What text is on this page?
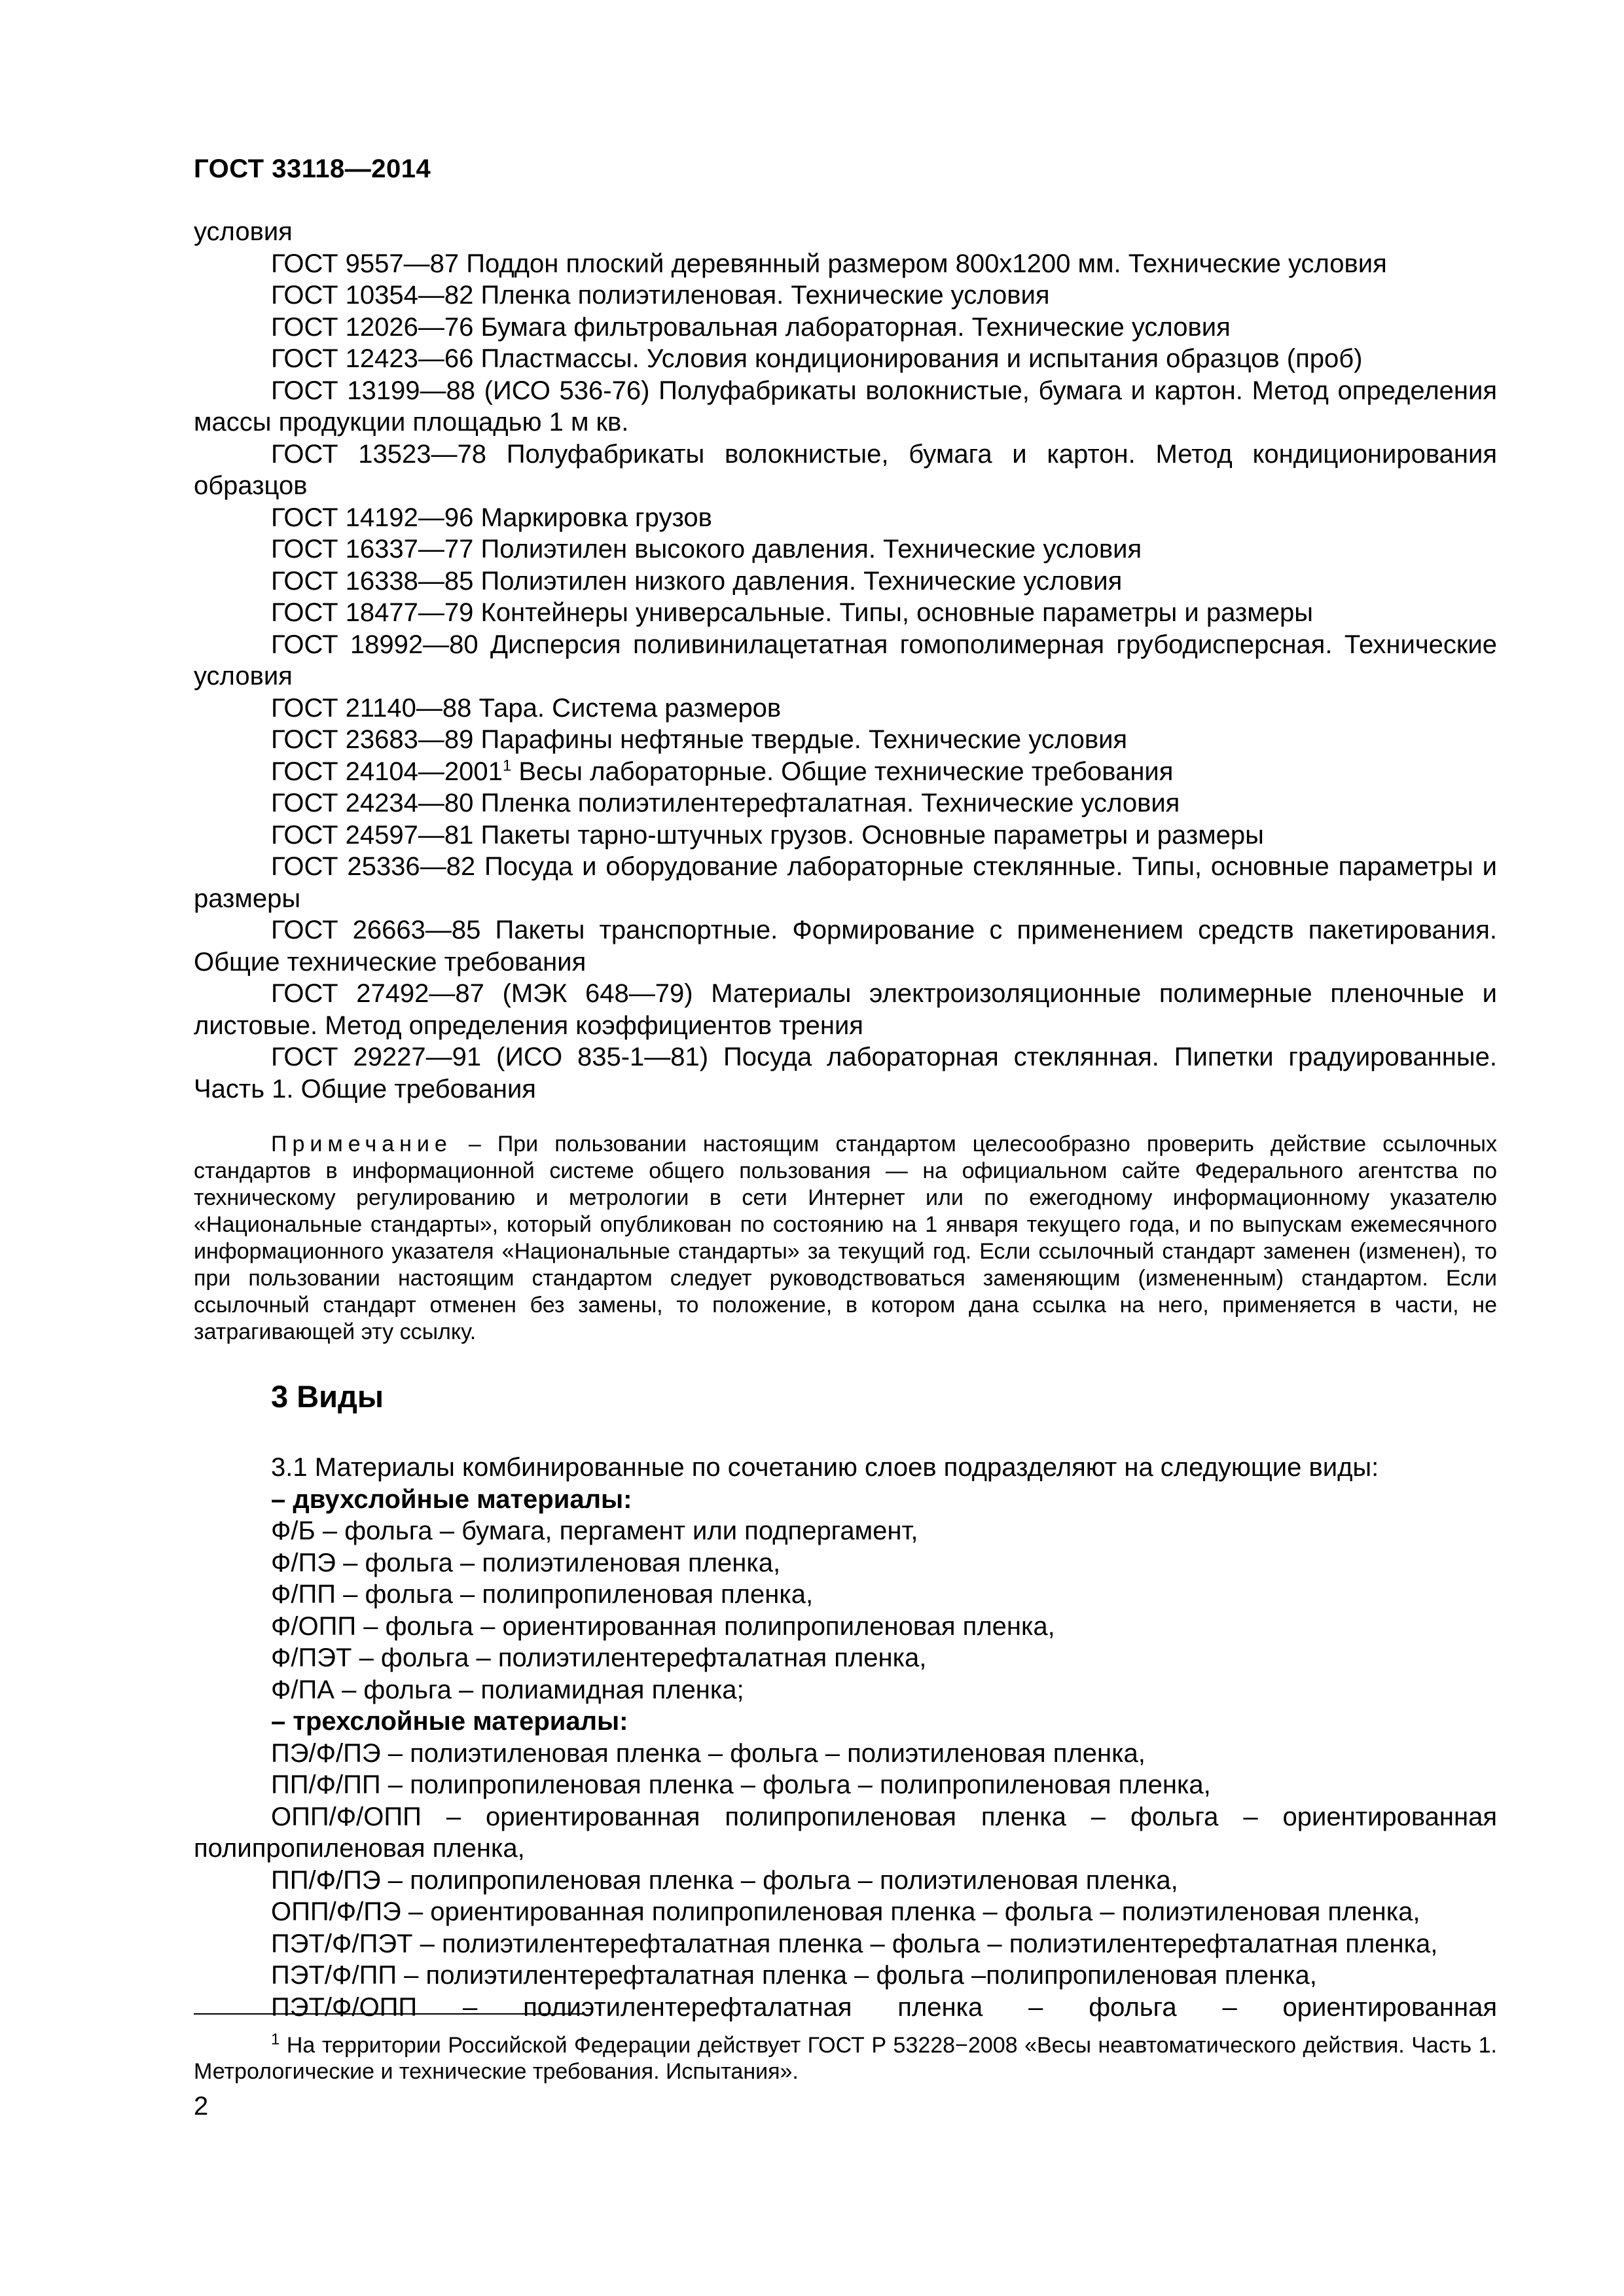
ГОСТ 33118—2014

условия

ГОСТ 9557—87 Поддон плоский деревянный размером 800x1200 мм. Технические условия

ГОСТ 10354—82 Пленка полиэтиленовая. Технические условия

ГОСТ 12026—76 Бумага фильтровальная лабораторная. Технические условия

ГОСТ 12423—66 Пластмассы. Условия кондиционирования и испытания образцов (проб)

ГОСТ 13199—88 (ИСО 536-76) Полуфабрикаты волокнистые, бумага и картон. Метод определения массы продукции площадью 1 м кв.

ГОСТ 13523—78 Полуфабрикаты волокнистые, бумага и картон. Метод кондиционирования образцов

ГОСТ 14192—96 Маркировка грузов

ГОСТ 16337—77 Полиэтилен высокого давления. Технические условия

ГОСТ 16338—85 Полиэтилен низкого давления. Технические условия

ГОСТ 18477—79 Контейнеры универсальные. Типы, основные параметры и размеры

ГОСТ 18992—80 Дисперсия поливинилацетатная гомополимерная грубодисперсная. Технические условия

ГОСТ 21140—88 Тара. Система размеров

ГОСТ 23683—89 Парафины нефтяные твердые. Технические условия

ГОСТ 24104—2001$^1$ Весы лабораторные. Общие технические требования

ГОСТ 24234—80 Пленка полиэтилентерефталатная. Технические условия

ГОСТ 24597—81 Пакеты тарно-штучных грузов. Основные параметры и размеры

ГОСТ 25336—82 Посуда и оборудование лабораторные стеклянные. Типы, основные параметры и размеры

ГОСТ 26663—85 Пакеты транспортные. Формирование с применением средств пакетирования. Общие технические требования

ГОСТ 27492—87 (МЭК 648—79) Материалы электроизоляционные полимерные пленочные и листовые. Метод определения коэффициентов трения

ГОСТ 29227—91 (ИСО 835-1—81) Посуда лабораторная стеклянная. Пипетки градуированные. Часть 1. Общие требования

Примечание – При пользовании настоящим стандартом целесообразно проверить действие ссылочных стандартов в информационной системе общего пользования — на официальном сайте Федерального агентства по техническому регулированию и метрологии в сети Интернет или по ежегодному информационному указателю «Национальные стандарты», который опубликован по состоянию на 1 января текущего года, и по выпускам ежемесячного информационного указателя «Национальные стандарты» за текущий год. Если ссылочный стандарт заменен (изменен), то при пользовании настоящим стандартом следует руководствоваться заменяющим (измененным) стандартом. Если ссылочный стандарт отменен без замены, то положение, в котором дана ссылка на него, применяется в части, не затрагивающей эту ссылку.

3 Виды

3.1 Материалы комбинированные по сочетанию слоев подразделяют на следующие виды:

– двухслойные материалы:

Ф/Б – фольга – бумага, пергамент или подпергамент,

Ф/ПЭ – фольга – полиэтиленовая пленка,

Ф/ПП – фольга – полипропиленовая пленка,

Ф/ОПП – фольга – ориентированная полипропиленовая пленка,

Ф/ПЭТ – фольга – полиэтилентерефталатная пленка,

Ф/ПА – фольга – полиамидная пленка;

– трехслойные материалы:

ПЭ/Ф/ПЭ – полиэтиленовая пленка – фольга – полиэтиленовая пленка,

ПП/Ф/ПП – полипропиленовая пленка – фольга – полипропиленовая пленка,

ОПП/Ф/ОПП – ориентированная полипропиленовая пленка – фольга – ориентированная полипропиленовая пленка,

ПП/Ф/ПЭ – полипропиленовая пленка – фольга – полиэтиленовая пленка,

ОПП/Ф/ПЭ – ориентированная полипропиленовая пленка – фольга – полиэтиленовая пленка,

ПЭТ/Ф/ПЭТ – полиэтилентерефталатная пленка – фольга – полиэтилентерефталатная пленка,

ПЭТ/Ф/ПП – полиэтилентерефталатная пленка – фольга –полипропиленовая пленка,

ПЭТ/Ф/ОПП – полиэтилентерефталатная пленка – фольга – ориентированная

$^1$ На территории Российской Федерации действует ГОСТ Р 53228−2008 «Весы неавтоматического действия. Часть 1. Метрологические и технические требования. Испытания».

2
